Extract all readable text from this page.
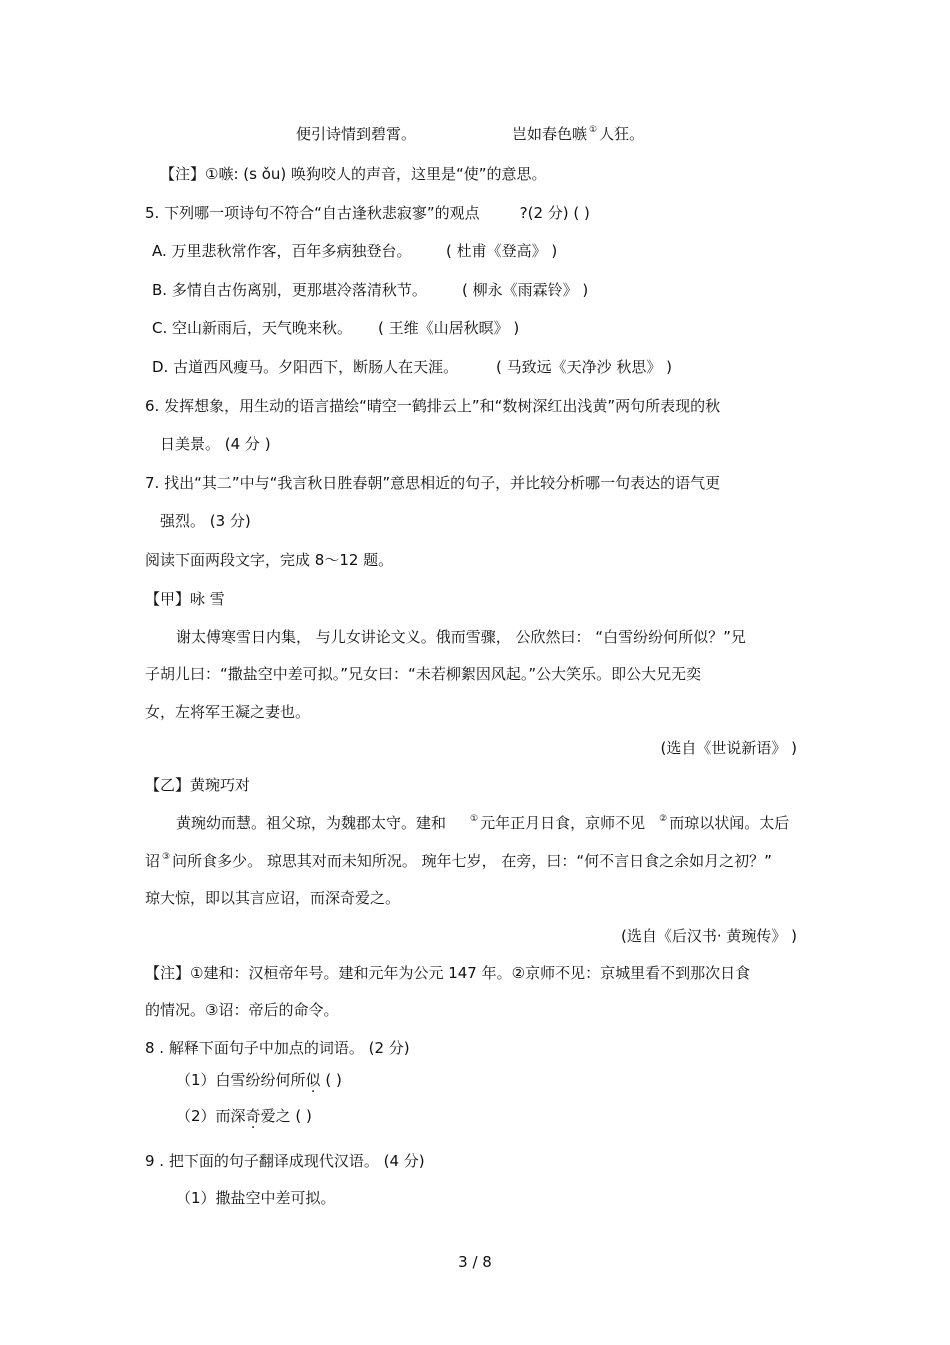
便引诗情到碧霄。	岂如春色嗾 ① 人狂。
【注】①嗾: (s ǒu) 唤狗咬人的声音，这里是“使”的意思。
5. 下列哪一项诗句不符合“自古逢秋悲寂寥”的观点	?(2 分) ( )
A. 万里悲秋常作客，百年多病独登台。 ( 杜甫《登高》 )
B. 多情自古伤离别，更那堪冷落清秋节。 ( 柳永《雨霖铃》 )
C. 空山新雨后，天气晚来秋。 ( 王维《山居秋暝》 )
D. 古道西风瘦马。夕阳西下，断肠人在天涯。	( 马致远《天净沙 秋思》 )
6. 发挥想象，用生动的语言描绘“晴空一鹤排云上”和“数树深红出浅黄”两句所表现的秋
日美景。 (4 分 )
7. 找出“其二”中与“我言秋日胜春朝”意思相近的句子，并比较分析哪一句表达的语气更
强烈。 (3 分)
阅读下面两段文字，完成 8～12 题。
【甲】咏 雪
谢太傅寒雪日内集， 与儿女讲论文义。俄而雪骤， 公欣然曰： “白雪纷纷何所似？”兄
子胡儿曰：“撒盐空中差可拟。”兄女曰：“未若柳絮因风起。”公大笑乐。即公大兄无奕
女，左将军王凝之妻也。
(选自《世说新语》 )
【乙】黄琬巧对
黄琬幼而慧。祖父琼，为魏郡太守。建和	① 元年正月日食，京师不见 ② 而琼以状闻。太后
诏 ③ 问所食多少。 琼思其对而未知所况。 琬年七岁， 在旁，曰：“何不言日食之余如月之初？”
琼大惊，即以其言应诏，而深奇爱之。
(选自《后汉书· 黄琬传》 )
【注】①建和：汉桓帝年号。建和元年为公元 147 年。②京师不见：京城里看不到那次日食
的情况。③诏：帝后的命令。
8 . 解释下面句子中加点的词语。 (2 分)
（1）白雪纷纷何所似 ( )
（2）而深奇爱之 ( )
9 . 把下面的句子翻译成现代汉语。 (4 分)
（1）撒盐空中差可拟。
3 / 8
